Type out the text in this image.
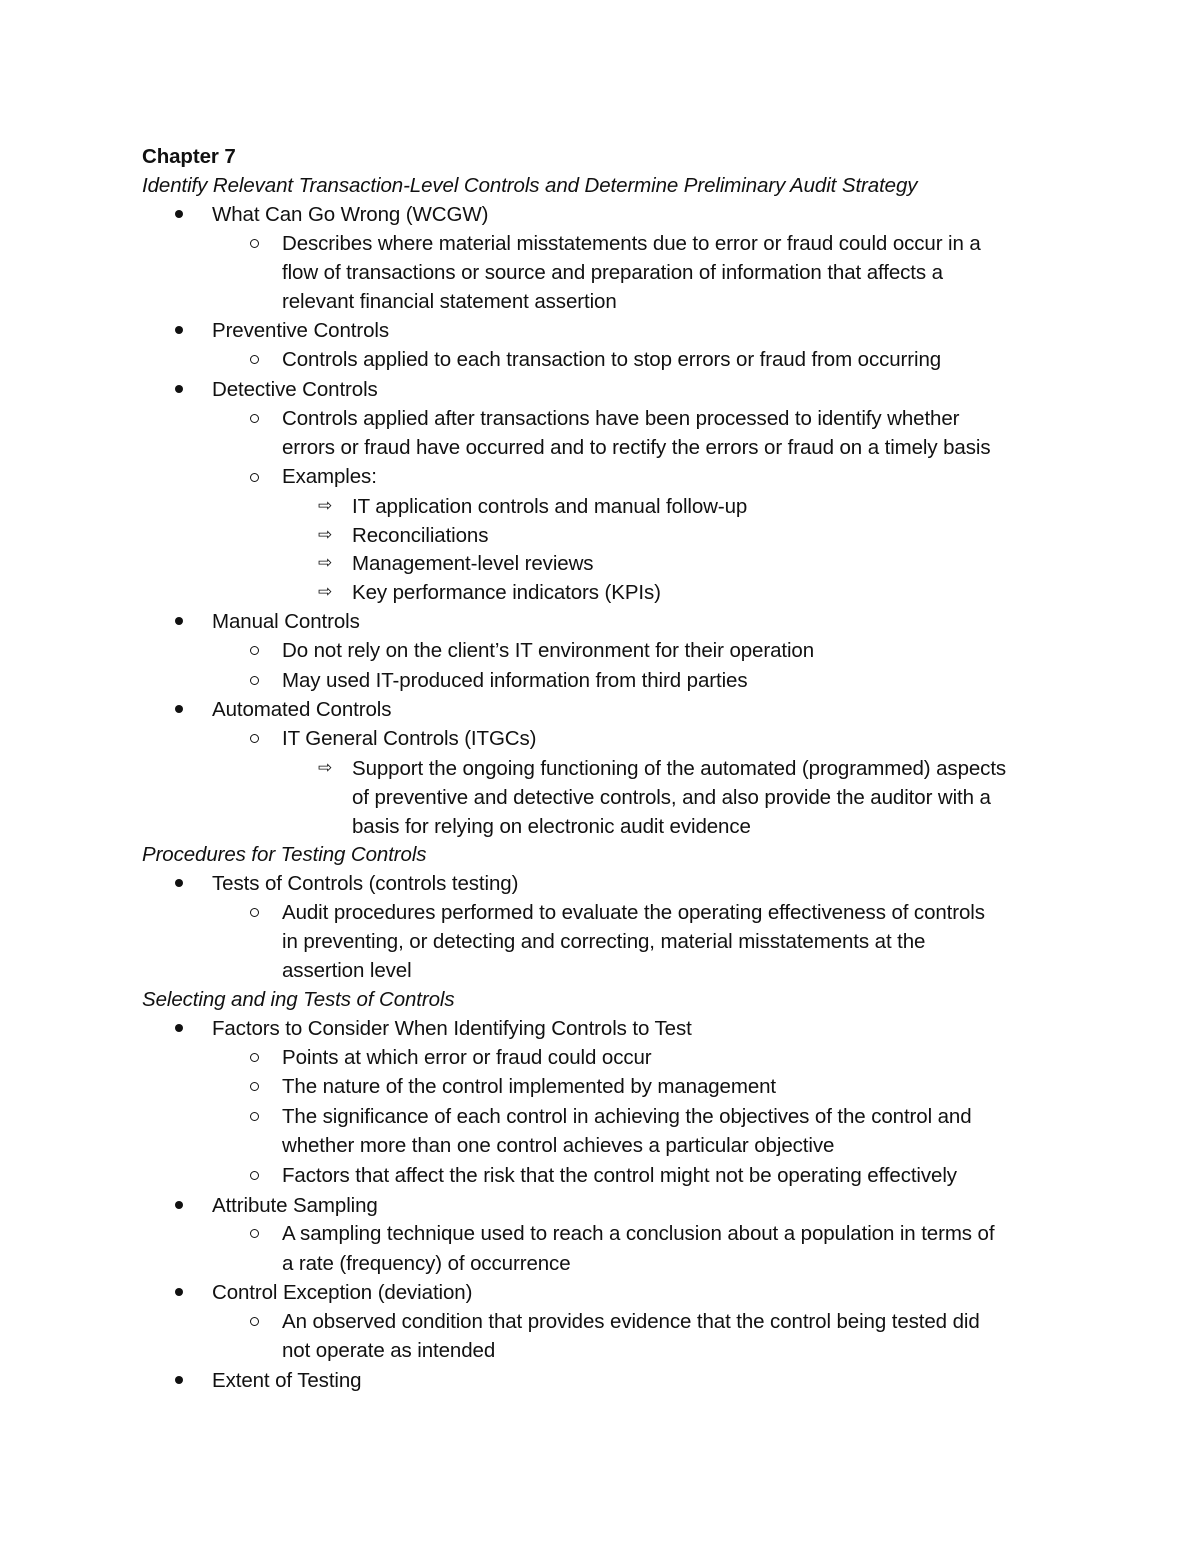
Chapter 7
Identify Relevant Transaction-Level Controls and Determine Preliminary Audit Strategy
What Can Go Wrong (WCGW)
Describes where material misstatements due to error or fraud could occur in a
flow of transactions or source and preparation of information that affects a
relevant financial statement assertion
Preventive Controls
Controls applied to each transaction to stop errors or fraud from occurring
Detective Controls
Controls applied after transactions have been processed to identify whether
errors or fraud have occurred and to rectify the errors or fraud on a timely basis
Examples:
⇨ IT application controls and manual follow-up
⇨ Reconciliations
⇨ Management-level reviews
⇨ Key performance indicators (KPIs)
Manual Controls
Do not rely on the client’s IT environment for their operation
May used IT-produced information from third parties
Automated Controls
IT General Controls (ITGCs)
⇨ Support the ongoing functioning of the automated (programmed) aspects
of preventive and detective controls, and also provide the auditor with a
basis for relying on electronic audit evidence
Procedures for Testing Controls
Tests of Controls (controls testing)
Audit procedures performed to evaluate the operating effectiveness of controls
in preventing, or detecting and correcting, material misstatements at the
assertion level
Selecting and ing Tests of Controls
Factors to Consider When Identifying Controls to Test
Points at which error or fraud could occur
The nature of the control implemented by management
The significance of each control in achieving the objectives of the control and
whether more than one control achieves a particular objective
Factors that affect the risk that the control might not be operating effectively
Attribute Sampling
A sampling technique used to reach a conclusion about a population in terms of
a rate (frequency) of occurrence
Control Exception (deviation)
An observed condition that provides evidence that the control being tested did
not operate as intended
Extent of Testing
